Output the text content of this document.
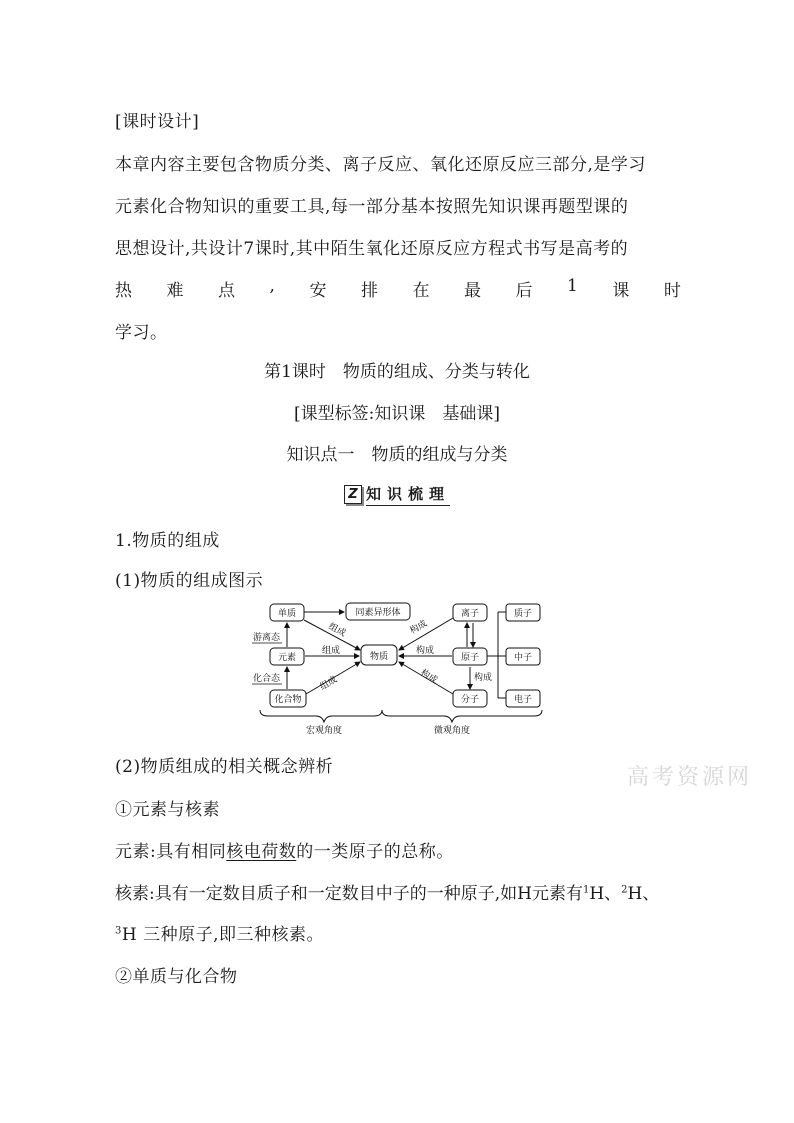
[课时设计]
本章内容主要包含物质分类、离子反应、氧化还原反应三部分,是学习
元素化合物知识的重要工具,每一部分基本按照先知识课再题型课的
思想设计,共设计7课时,其中陌生氧化还原反应方程式书写是高考的
热 难 点 , 安 排 在 最 后 1 课 时
学习。
第1课时　物质的组成、分类与转化
[课型标签:知识课　基础课]
知识点一　物质的组成与分类
Z 知识梳理
1.物质的组成
(1)物质的组成图示
单质	同素异形体
元素
化合物
物质
离子
原子
分子
质子
中子
电子
游离态
化合态
组成
组成
组成
构成
构成
构成
构成
宏观角度	微观角度
(2)物质组成的相关概念辨析	高考资源网
①元素与核素
元素:具有相同核电荷数的一类原子的总称。
核素:具有一定数目质子和一定数目中子的一种原子,如H元素有$^1$H、$^2$H、
$^3$H 三种原子,即三种核素。
②单质与化合物
